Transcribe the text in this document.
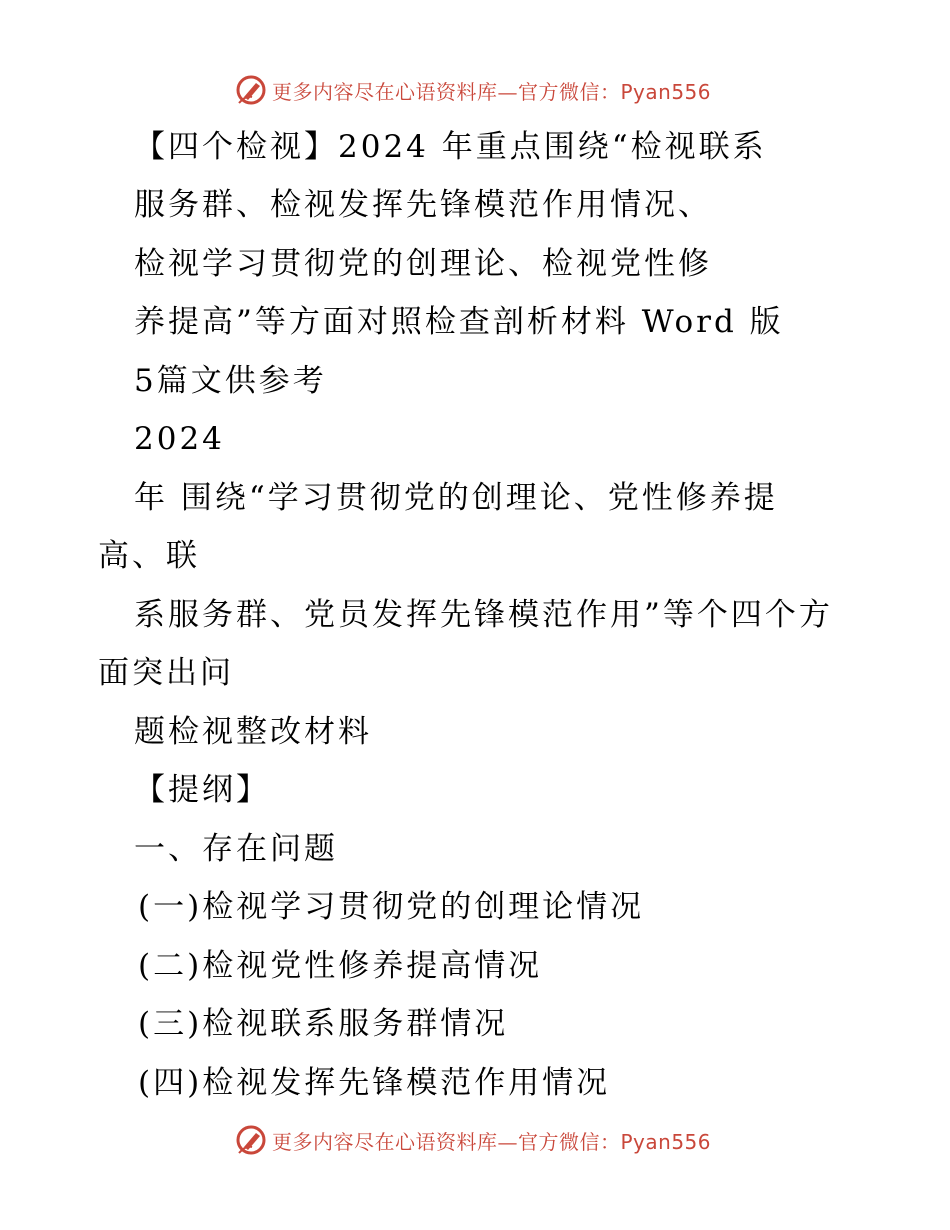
更多内容尽在心语资料库—官方微信：Pyan556

【四个检视】2024 年重点围绕“检视联系

服务群、检视发挥先锋模范作用情况、

检视学习贯彻党的创理论、检视党性修

养提高”等方面对照检查剖析材料 Word 版

5篇文供参考

2024

年 围绕“学习贯彻党的创理论、党性修养提

高、联

系服务群、党员发挥先锋模范作用”等个四个方

面突出问

题检视整改材料

【提纲】

一、存在问题

(一)检视学习贯彻党的创理论情况

(二)检视党性修养提高情况

(三)检视联系服务群情况

(四)检视发挥先锋模范作用情况

更多内容尽在心语资料库—官方微信：Pyan556
